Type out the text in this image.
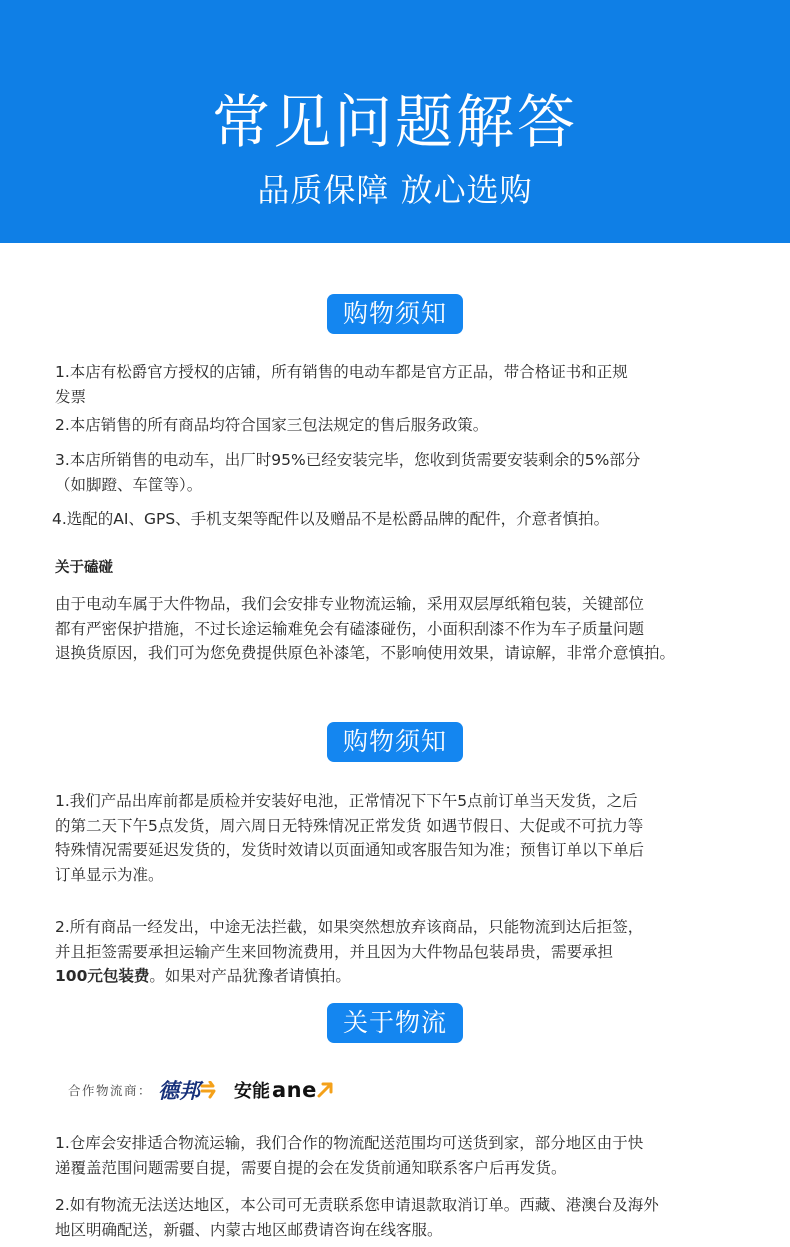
常见问题解答
品质保障 放心选购
购物须知
1.本店有松爵官方授权的店铺，所有销售的电动车都是官方正品，带合格证书和正规
发票
2.本店销售的所有商品均符合国家三包法规定的售后服务政策。
3.本店所销售的电动车，出厂时95%已经安装完毕，您收到货需要安装剩余的5%部分
（如脚蹬、车筐等）。
4.选配的AI、GPS、手机支架等配件以及赠品不是松爵品牌的配件，介意者慎拍。
关于磕碰
由于电动车属于大件物品，我们会安排专业物流运输，采用双层厚纸箱包装，关键部位
都有严密保护措施，不过长途运输难免会有磕漆碰伤，小面积刮漆不作为车子质量问题
退换货原因，我们可为您免费提供原色补漆笔，不影响使用效果，请谅解，非常介意慎拍。
购物须知
1.我们产品出库前都是质检并安装好电池，正常情况下下午5点前订单当天发货，之后
的第二天下午5点发货，周六周日无特殊情况正常发货 如遇节假日、大促或不可抗力等
特殊情况需要延迟发货的，发货时效请以页面通知或客服告知为准；预售订单以下单后
订单显示为准。
2.所有商品一经发出，中途无法拦截，如果突然想放弃该商品，只能物流到达后拒签，
并且拒签需要承担运输产生来回物流费用，并且因为大件物品包装昂贵，需要承担
100元包装费。如果对产品犹豫者请慎拍。
关于物流
合作物流商： 德邦 安能 ane
1.仓库会安排适合物流运输，我们合作的物流配送范围均可送货到家，部分地区由于快
递覆盖范围问题需要自提，需要自提的会在发货前通知联系客户后再发货。
2.如有物流无法送达地区，本公司可无责联系您申请退款取消订单。西藏、港澳台及海外
地区明确配送，新疆、内蒙古地区邮费请咨询在线客服。
